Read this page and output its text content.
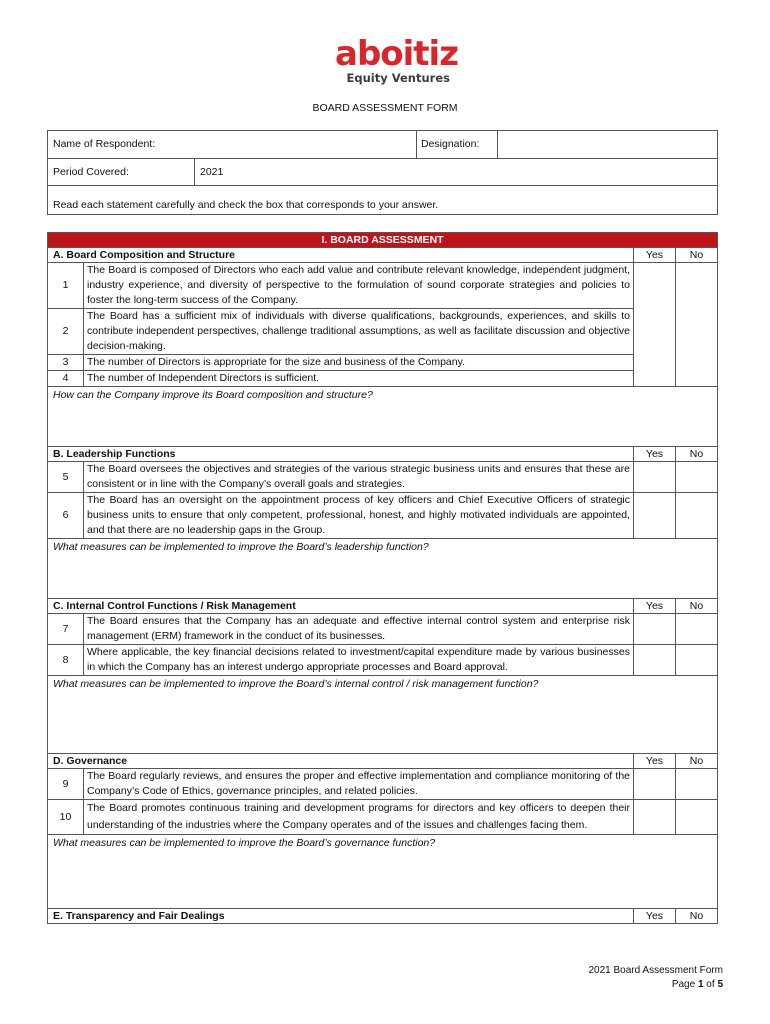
aboitiz
Equity Ventures
BOARD ASSESSMENT FORM
Name of Respondent:		Designation:	
Period Covered:	2021		
Read each statement carefully and check the box that corresponds to your answer.			
I. BOARD ASSESSMENT			
A. Board Composition and Structure		Yes	No
1	The Board is composed of Directors who each add value and contribute relevant knowledge, independent judgment, industry experience, and diversity of perspective to the formulation of sound corporate strategies and policies to foster the long-term success of the Company.		
2	The Board has a sufficient mix of individuals with diverse qualifications, backgrounds, experiences, and skills to contribute independent perspectives, challenge traditional assumptions, as well as facilitate discussion and objective decision-making.		
3	The number of Directors is appropriate for the size and business of the Company.		
4	The number of Independent Directors is sufficient.		
How can the Company improve its Board composition and structure?			
B. Leadership Functions		Yes	No
5	The Board oversees the objectives and strategies of the various strategic business units and ensures that these are consistent or in line with the Company’s overall goals and strategies.		
6	The Board has an oversight on the appointment process of key officers and Chief Executive Officers of strategic business units to ensure that only competent, professional, honest, and highly motivated individuals are appointed, and that there are no leadership gaps in the Group.		
What measures can be implemented to improve the Board’s leadership function?			
C. Internal Control Functions / Risk Management		Yes	No
7	The Board ensures that the Company has an adequate and effective internal control system and enterprise risk management (ERM) framework in the conduct of its businesses.		
8	Where applicable, the key financial decisions related to investment/capital expenditure made by various businesses in which the Company has an interest undergo appropriate processes and Board approval.		
What measures can be implemented to improve the Board’s internal control / risk management function?			
D. Governance		Yes	No
9	The Board regularly reviews, and ensures the proper and effective implementation and compliance monitoring of the Company’s Code of Ethics, governance principles, and related policies.		
10	The Board promotes continuous training and development programs for directors and key officers to deepen their understanding of the industries where the Company operates and of the issues and challenges facing them.		
What measures can be implemented to improve the Board’s governance function?			
E. Transparency and Fair Dealings		Yes	No
2021 Board Assessment Form
Page 1 of 5
